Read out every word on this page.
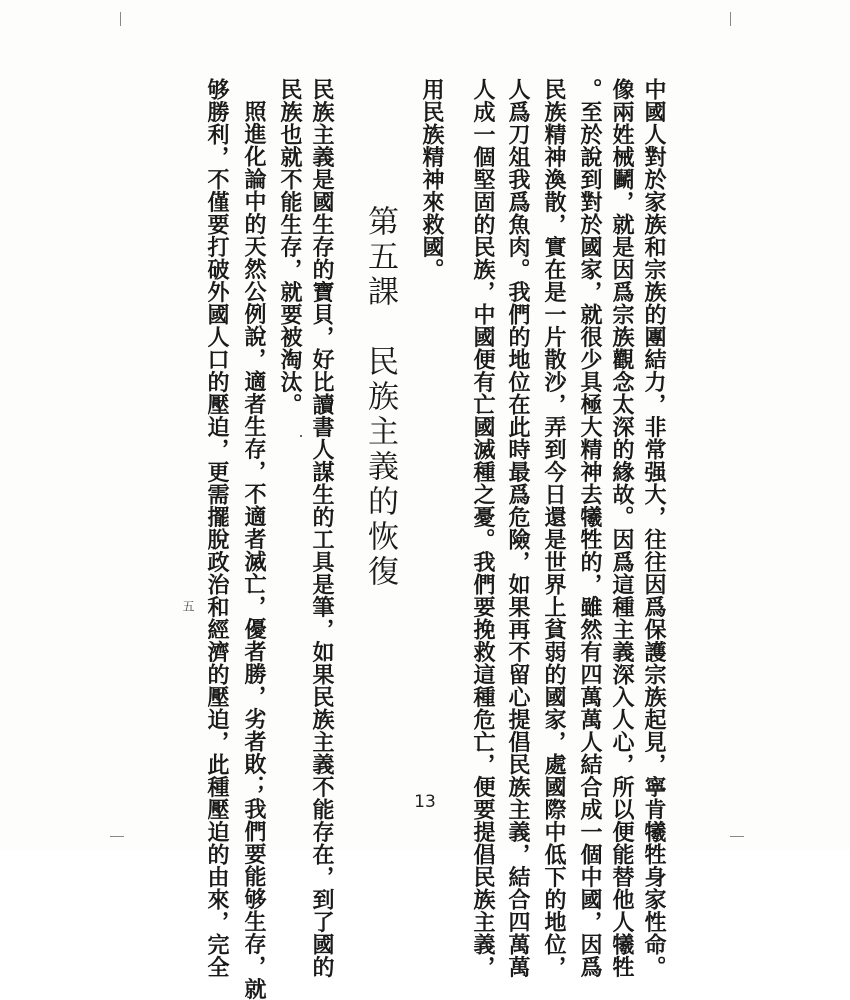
中國人對於家族和宗族的團結力，非常强大，往往因爲保護宗族起見，寧肯犧牲身家性命。
像兩姓械鬭，就是因爲宗族觀念太深的緣故。因爲這種主義深入人心，所以便能替他人犧牲
。至於說到對於國家，就很少具極大精神去犧牲的，雖然有四萬萬人結合成一個中國，因爲
民族精神渙散，實在是一片散沙，弄到今日還是世界上貧弱的國家，處國際中低下的地位，
人爲刀俎我爲魚肉。我們的地位在此時最爲危險，如果再不留心提倡民族主義，結合四萬萬
人成一個堅固的民族，中國便有亡國滅種之憂。我們要挽救這種危亡，便要提倡民族主義，
用民族精神來救國。
第五課　民族主義的恢復
民族主義是國生存的寶貝，好比讀書人謀生的工具是筆，如果民族主義不能存在，到了國的
民族也就不能生存，就要被淘汰。
照進化論中的天然公例說，適者生存，不適者滅亡，優者勝，劣者敗；我們要能够生存，就
够勝利，不僅要打破外國人口的壓迫，更需擺脫政治和經濟的壓迫，此種壓迫的由來，完全
五
13
